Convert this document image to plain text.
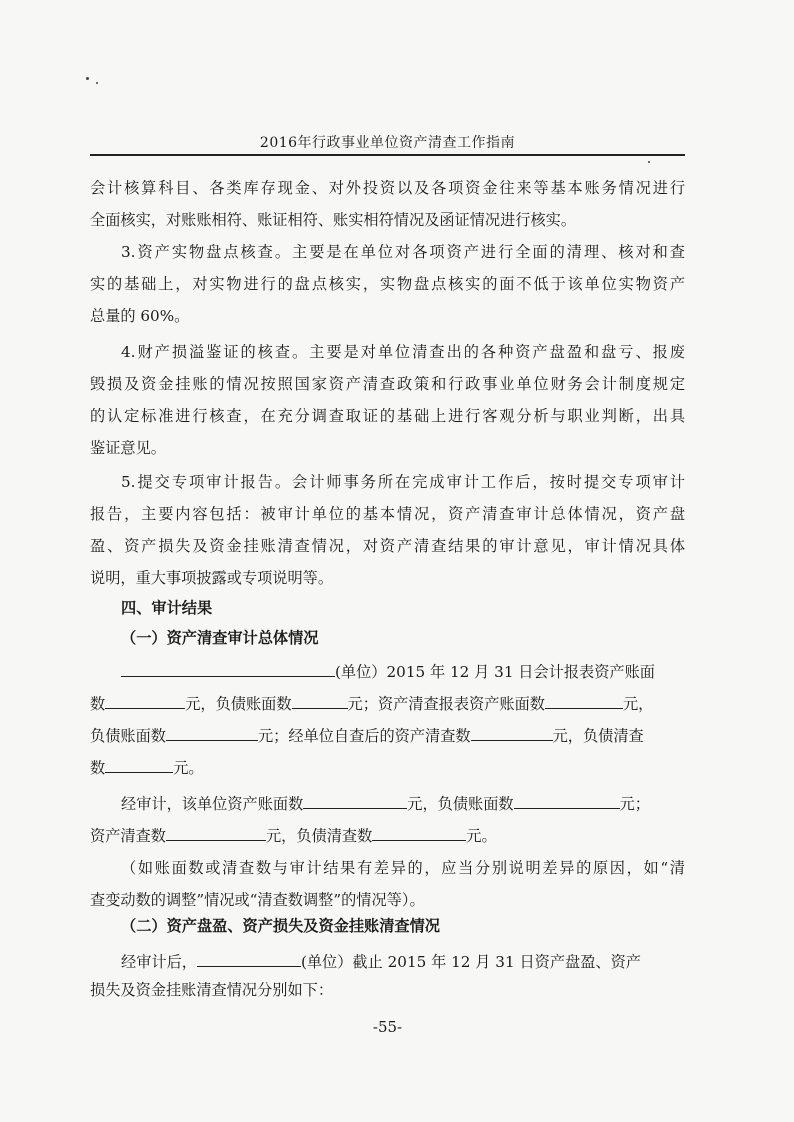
2016年行政事业单位资产清查工作指南
会计核算科目、各类库存现金、对外投资以及各项资金往来等基本账务情况进行
全面核实，对账账相符、账证相符、账实相符情况及函证情况进行核实。
3.资产实物盘点核查。主要是在单位对各项资产进行全面的清理、核对和查
实的基础上，对实物进行的盘点核实，实物盘点核实的面不低于该单位实物资产
总量的 60%。
4.财产损溢鉴证的核查。主要是对单位清查出的各种资产盘盈和盘亏、报废
毁损及资金挂账的情况按照国家资产清查政策和行政事业单位财务会计制度规定
的认定标准进行核查，在充分调查取证的基础上进行客观分析与职业判断，出具
鉴证意见。
5.提交专项审计报告。会计师事务所在完成审计工作后，按时提交专项审计
报告，主要内容包括：被审计单位的基本情况，资产清查审计总体情况，资产盘
盈、资产损失及资金挂账清查情况，对资产清查结果的审计意见，审计情况具体
说明，重大事项披露或专项说明等。
四、审计结果
（一）资产清查审计总体情况
(单位）2015 年 12 月 31 日会计报表资产账面
数	元，负债账面数	元；资产清查报表资产账面数	元，
负债账面数	元；经单位自查后的资产清查数	元，负债清查
数	元。
经审计，该单位资产账面数	元，负债账面数	元；
资产清查数	元，负债清查数	元。
（如账面数或清查数与审计结果有差异的，应当分别说明差异的原因，如“清
查变动数的调整”情况或“清查数调整”的情况等）。
（二）资产盘盈、资产损失及资金挂账清查情况
经审计后，	(单位）截止 2015 年 12 月 31 日资产盘盈、资产
损失及资金挂账清查情况分别如下：
-55-
